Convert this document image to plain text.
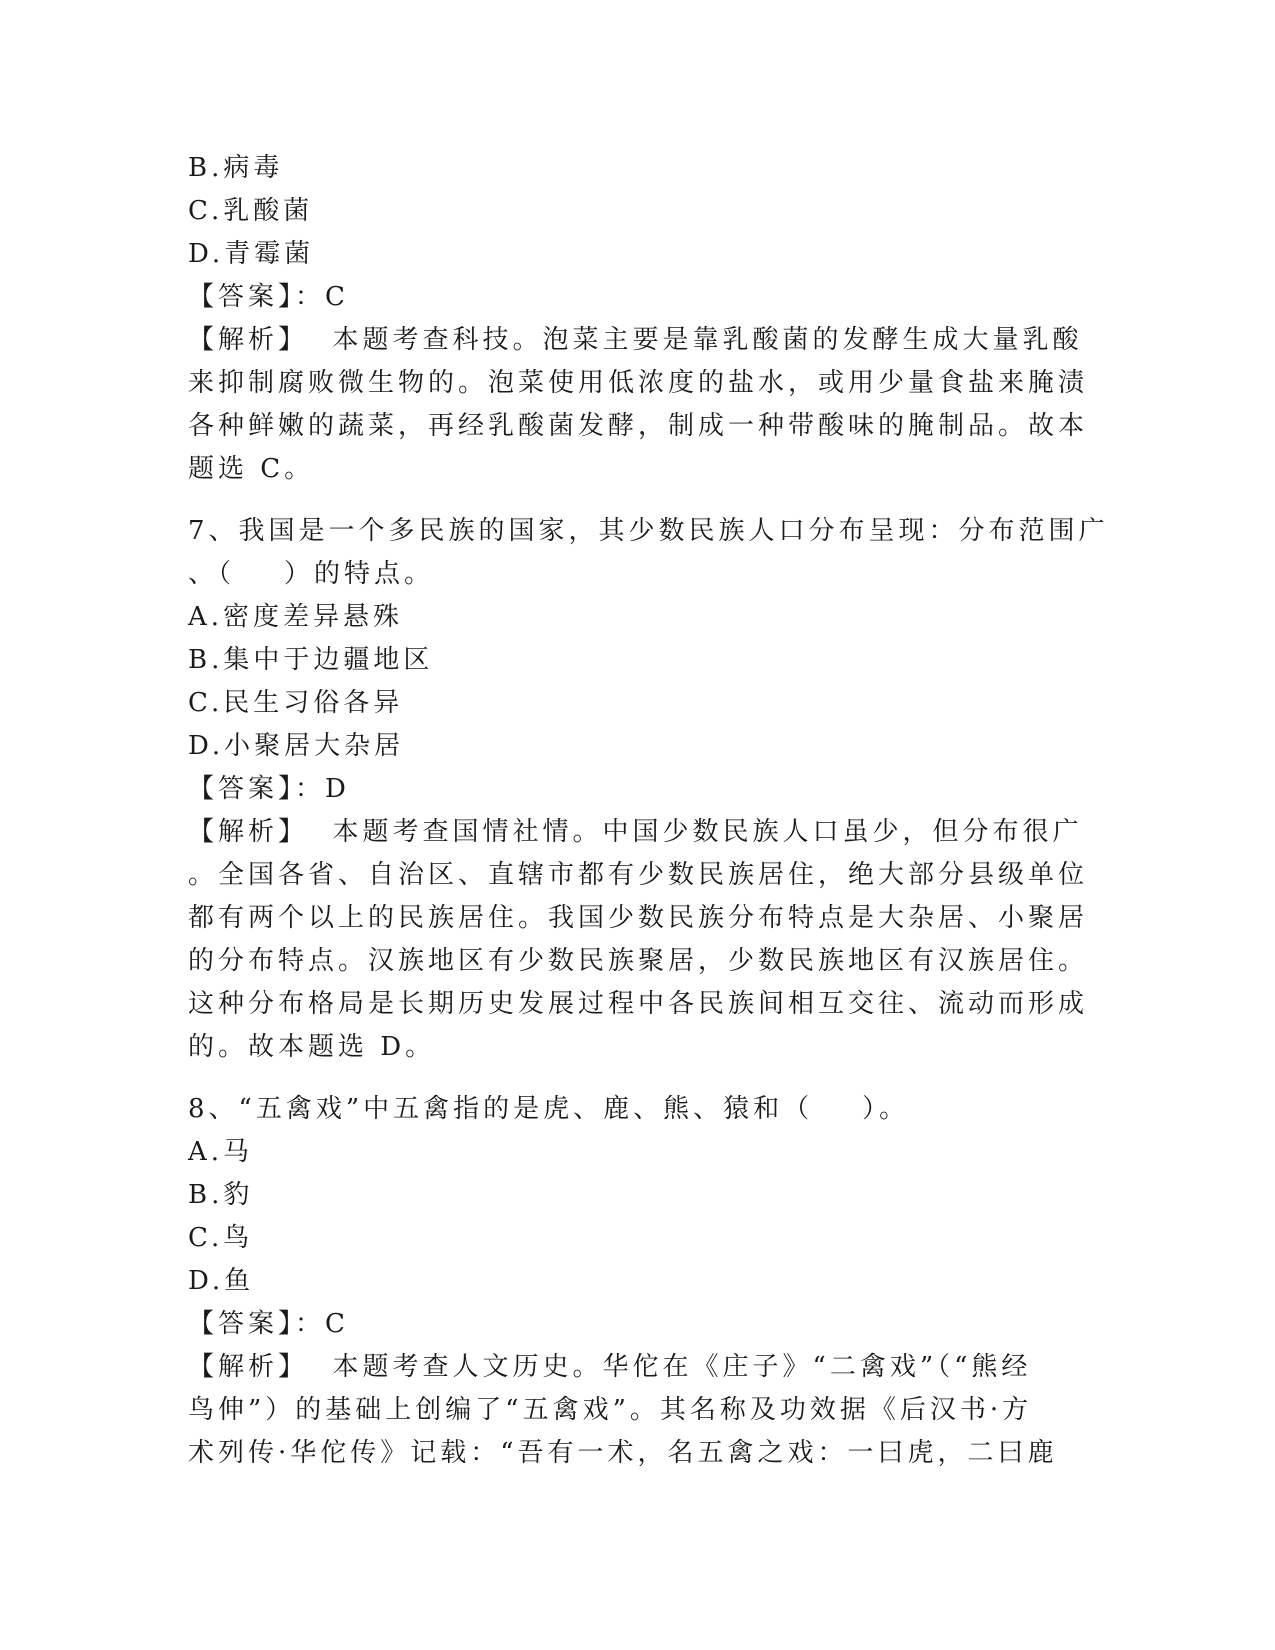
B.病毒
C.乳酸菌
D.青霉菌
【答案】：C
【解析】  本题考查科技。泡菜主要是靠乳酸菌的发酵生成大量乳酸
来抑制腐败微生物的。泡菜使用低浓度的盐水，或用少量食盐来腌渍
各种鲜嫩的蔬菜，再经乳酸菌发酵，制成一种带酸味的腌制品。故本
题选 C。
7、我国是一个多民族的国家，其少数民族人口分布呈现：分布范围广
、（    ）的特点。
A.密度差异悬殊
B.集中于边疆地区
C.民生习俗各异
D.小聚居大杂居
【答案】：D
【解析】  本题考查国情社情。中国少数民族人口虽少，但分布很广
。全国各省、自治区、直辖市都有少数民族居住，绝大部分县级单位
都有两个以上的民族居住。我国少数民族分布特点是大杂居、小聚居
的分布特点。汉族地区有少数民族聚居，少数民族地区有汉族居住。
这种分布格局是长期历史发展过程中各民族间相互交往、流动而形成
的。故本题选 D。
8、“五禽戏”中五禽指的是虎、鹿、熊、猿和（    ）。
A.马
B.豹
C.鸟
D.鱼
【答案】：C
【解析】  本题考查人文历史。华佗在《庄子》“二禽戏”（“熊经
鸟伸”）的基础上创编了“五禽戏”。其名称及功效据《后汉书·方
术列传·华佗传》记载：“吾有一术，名五禽之戏：一曰虎，二曰鹿
